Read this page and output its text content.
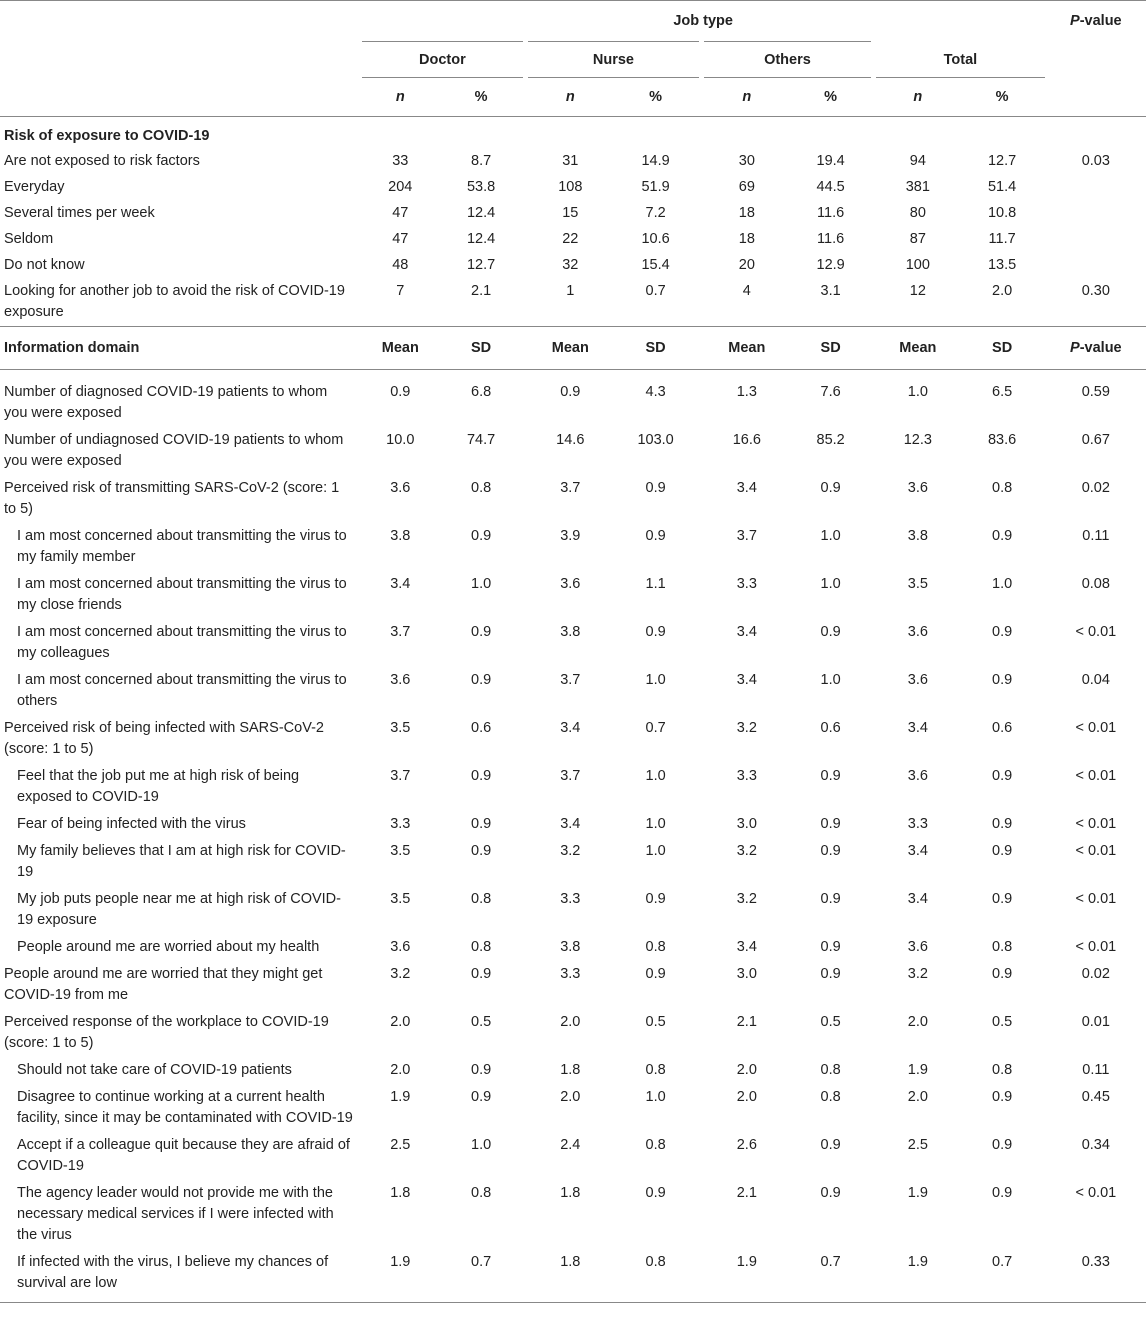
	Job type											P-value

	Doctor			Nurse			Others			Total		

	n	%		n	%		n	%		n	%		
Risk of exposure to COVID-19												
Are not exposed to risk factors	33	8.7		31	14.9		30	19.4		94	12.7		0.03
Everyday	204	53.8		108	51.9		69	44.5		381	51.4		
Several times per week	47	12.4		15	7.2		18	11.6		80	10.8		
Seldom	47	12.4		22	10.6		18	11.6		87	11.7		
Do not know	48	12.7		32	15.4		20	12.9		100	13.5		
Looking for another job to avoid the risk of COVID-19 exposure	7	2.1		1	0.7		4	3.1		12	2.0		0.30
Information domain	Mean	SD		Mean	SD		Mean	SD		Mean	SD		P-value
Number of diagnosed COVID-19 patients to whom you were exposed	0.9	6.8		0.9	4.3		1.3	7.6		1.0	6.5		0.59
Number of undiagnosed COVID-19 patients to whom you were exposed	10.0	74.7		14.6	103.0		16.6	85.2		12.3	83.6		0.67
Perceived risk of transmitting SARS-CoV-2 (score: 1 to 5)	3.6	0.8		3.7	0.9		3.4	0.9		3.6	0.8		0.02
I am most concerned about transmitting the virus to my family member	3.8	0.9		3.9	0.9		3.7	1.0		3.8	0.9		0.11
I am most concerned about transmitting the virus to my close friends	3.4	1.0		3.6	1.1		3.3	1.0		3.5	1.0		0.08
I am most concerned about transmitting the virus to my colleagues	3.7	0.9		3.8	0.9		3.4	0.9		3.6	0.9		< 0.01
I am most concerned about transmitting the virus to others	3.6	0.9		3.7	1.0		3.4	1.0		3.6	0.9		0.04
Perceived risk of being infected with SARS-CoV-2 (score: 1 to 5)	3.5	0.6		3.4	0.7		3.2	0.6		3.4	0.6		< 0.01
Feel that the job put me at high risk of being exposed to COVID-19	3.7	0.9		3.7	1.0		3.3	0.9		3.6	0.9		< 0.01
Fear of being infected with the virus	3.3	0.9		3.4	1.0		3.0	0.9		3.3	0.9		< 0.01
My family believes that I am at high risk for COVID-19	3.5	0.9		3.2	1.0		3.2	0.9		3.4	0.9		< 0.01
My job puts people near me at high risk of COVID-19 exposure	3.5	0.8		3.3	0.9		3.2	0.9		3.4	0.9		< 0.01
People around me are worried about my health	3.6	0.8		3.8	0.8		3.4	0.9		3.6	0.8		< 0.01
People around me are worried that they might get COVID-19 from me	3.2	0.9		3.3	0.9		3.0	0.9		3.2	0.9		0.02
Perceived response of the workplace to COVID-19 (score: 1 to 5)	2.0	0.5		2.0	0.5		2.1	0.5		2.0	0.5		0.01
Should not take care of COVID-19 patients	2.0	0.9		1.8	0.8		2.0	0.8		1.9	0.8		0.11
Disagree to continue working at a current health facility, since it may be contaminated with COVID-19	1.9	0.9		2.0	1.0		2.0	0.8		2.0	0.9		0.45
Accept if a colleague quit because they are afraid of COVID-19	2.5	1.0		2.4	0.8		2.6	0.9		2.5	0.9		0.34
The agency leader would not provide me with the necessary medical services if I were infected with the virus	1.8	0.8		1.8	0.9		2.1	0.9		1.9	0.9		< 0.01
If infected with the virus, I believe my chances of survival are low	1.9	0.7		1.8	0.8		1.9	0.7		1.9	0.7		0.33
